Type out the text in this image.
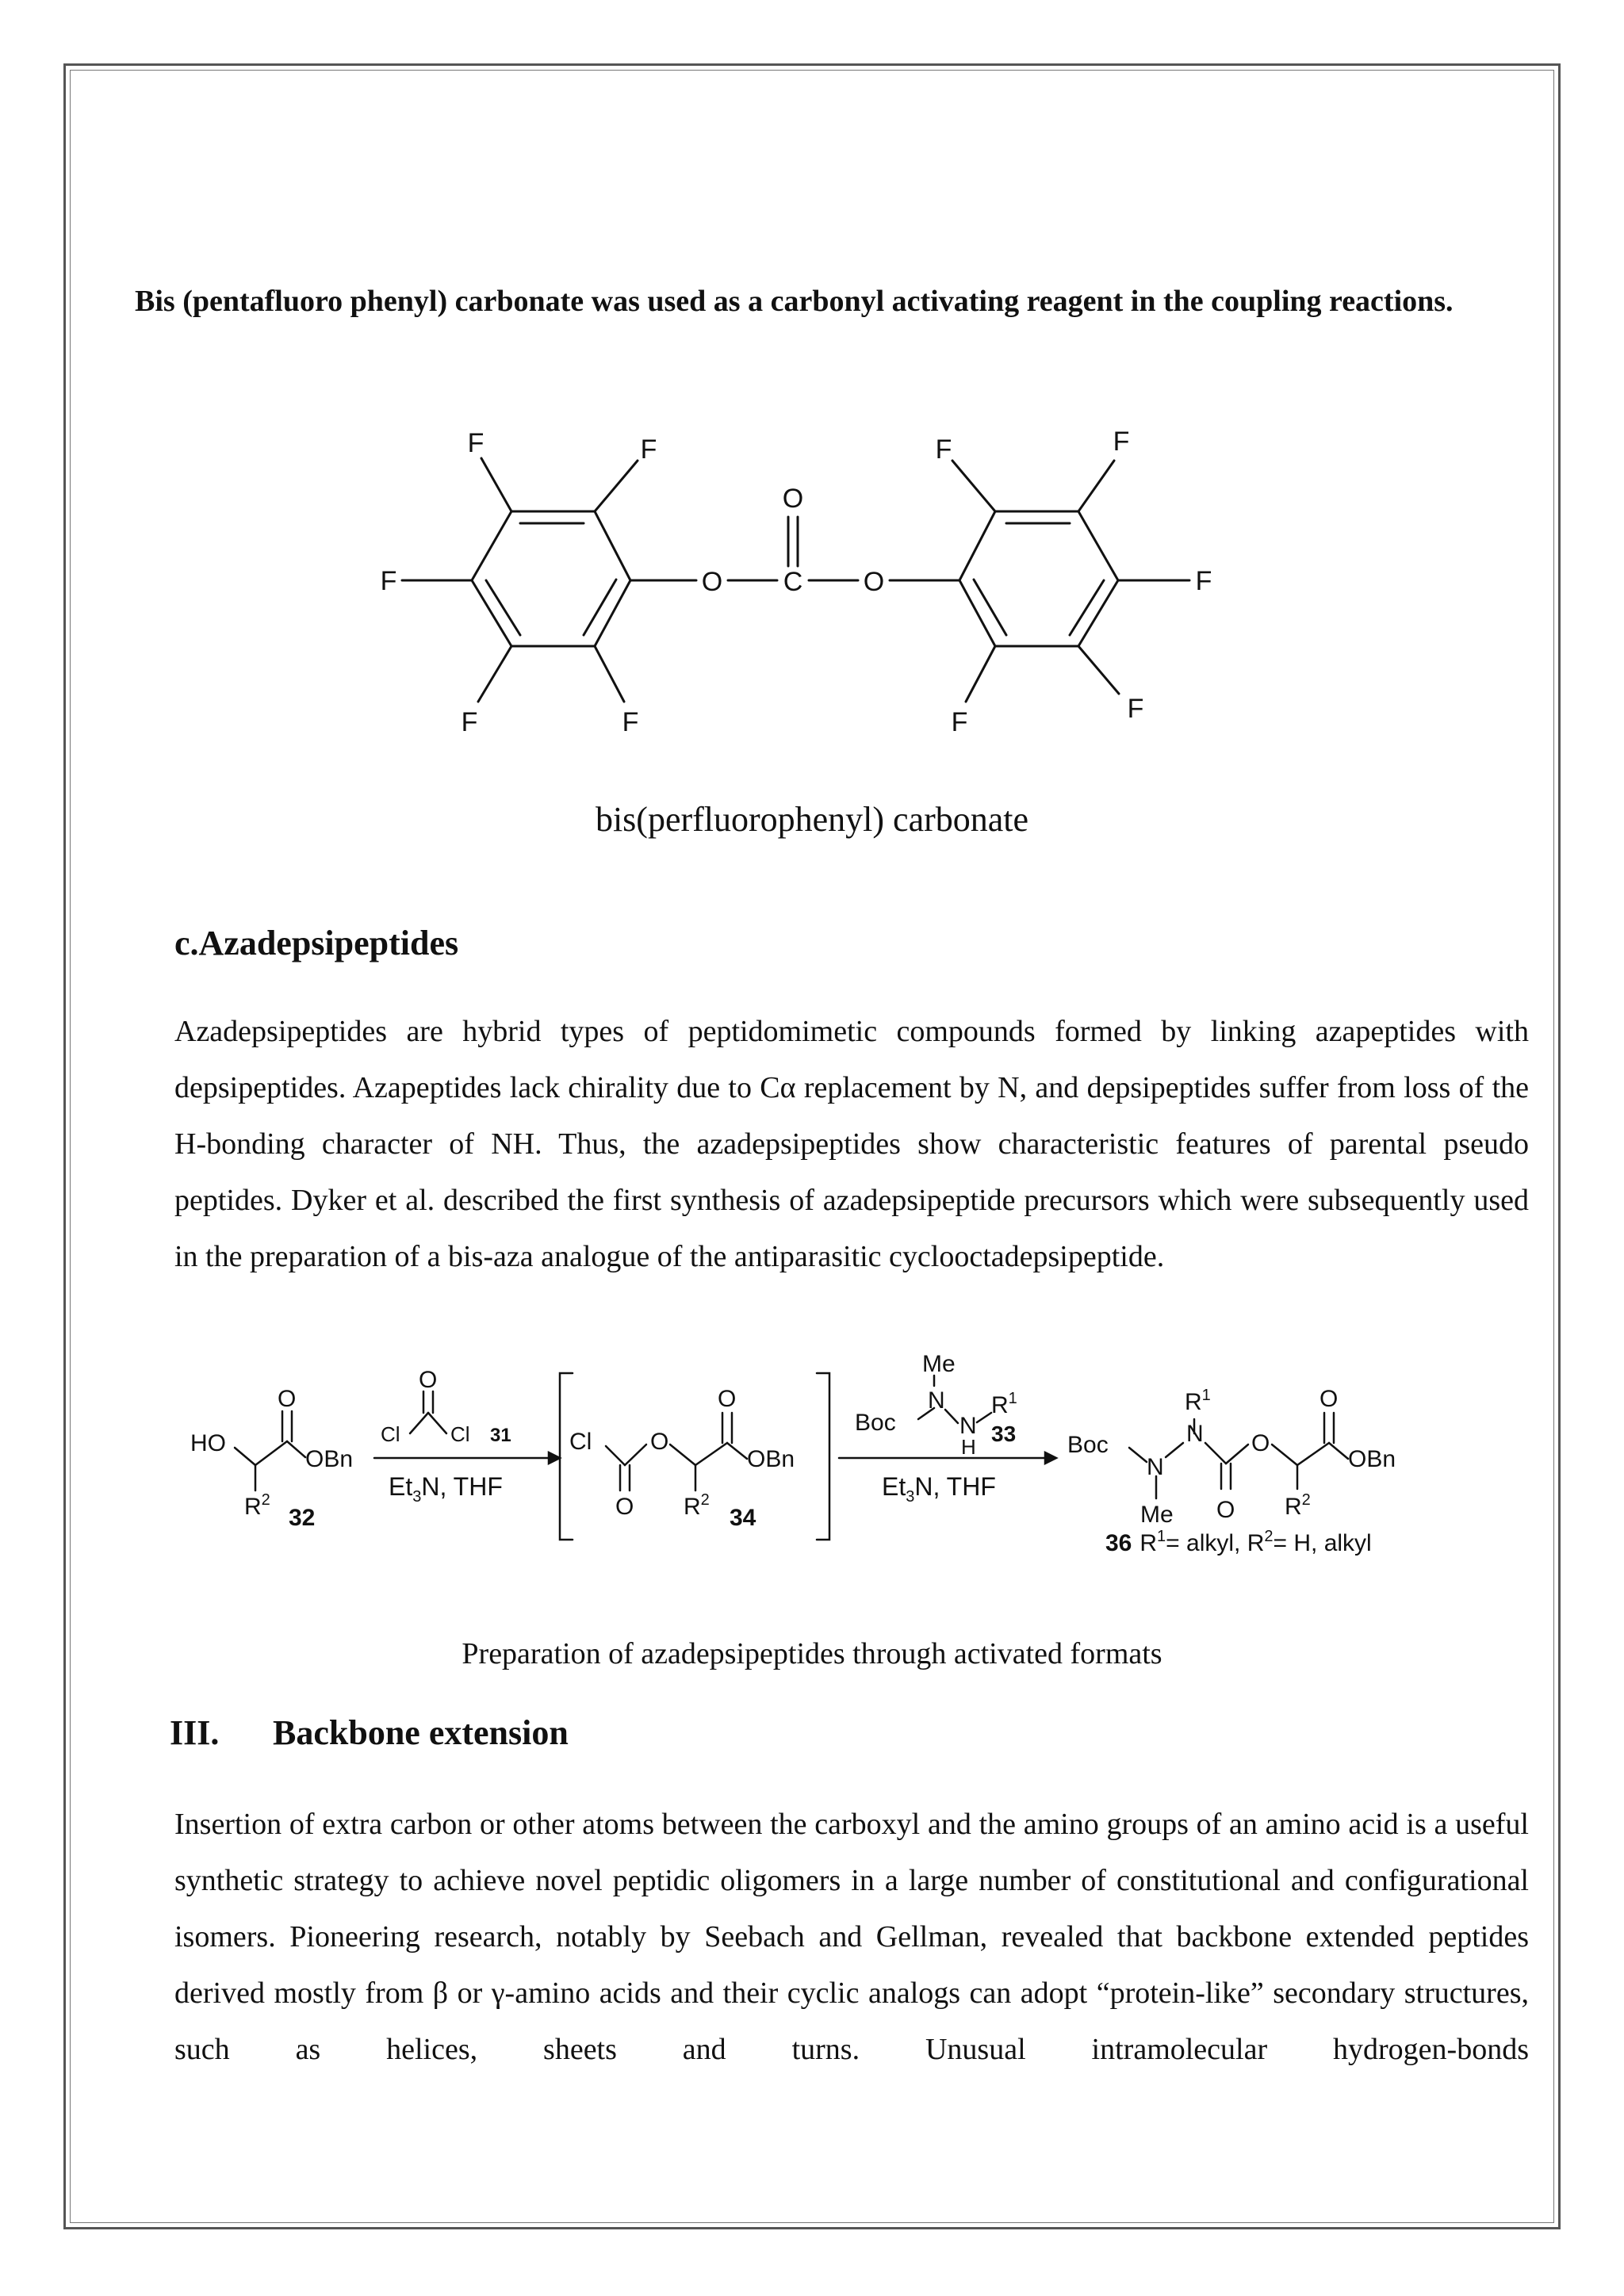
Bis (pentafluoro phenyl) carbonate was used as a carbonyl activating reagent in the coupling reactions.
F	F
F
F	F
F	F
F
F	F
O C O
O
bis(perfluorophenyl) carbonate
c.Azadepsipeptides
Azadepsipeptides are hybrid types of peptidomimetic compounds formed by linking azapeptides with depsipeptides. Azapeptides lack chirality due to Cα replacement by N, and depsipeptides suffer from loss of the H-bonding character of NH. Thus, the azadepsipeptides show characteristic features of parental pseudo peptides. Dyker et al. described the first synthesis of azadepsipeptide precursors which were subsequently used in the preparation of a bis-aza analogue of the antiparasitic cyclooctadepsipeptide.
HO
OBn
O
$R^2$
32
O
Cl Cl 31
$Et_3N$, THF
Cl O
O
OBn
O
$R^2$
34
Me
N
Boc	N
H
$R^1$
33
$Et_3N$, THF
$R^1$
N
Boc
N
Me
O
O
OBn
O
$R^2$
36 $R^1=$ alkyl, $R^2= H$, alkyl
Preparation of azadepsipeptides through activated formats
III. Backbone extension
Insertion of extra carbon or other atoms between the carboxyl and the amino groups of an amino acid is a useful synthetic strategy to achieve novel peptidic oligomers in a large number of constitutional and configurational isomers. Pioneering research, notably by Seebach and Gellman, revealed that backbone extended peptides derived mostly from β or γ-amino acids and their cyclic analogs can adopt “protein-like” secondary structures, such as helices, sheets and turns. Unusual intramolecular hydrogen-bonds
